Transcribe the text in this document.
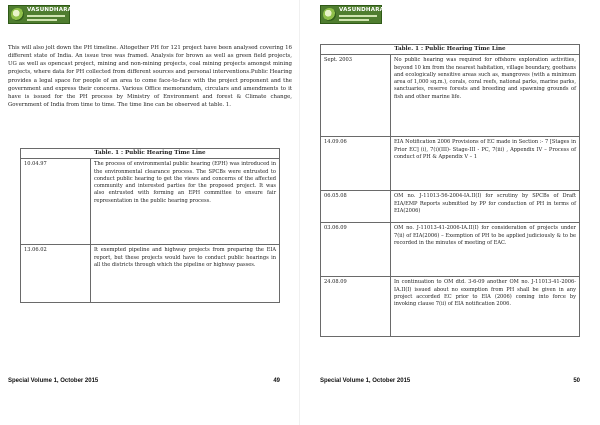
VASUNDHARA

This will also jolt down the PH timeline. Altogether PH for 121 project have been analysed covering 16 different state of India. An issue tree was framed. Analysis for brown as well as green field projects, UG as well as opencast project, mining and non-mining projects, coal mining projects amongst mining projects, where data for PH collected from different sources and personal interventions.Public Hearing provides a legal space for people of an area to come face-to-face with the project proponent and the government and express their concerns. Various Office memorandum, circulars and amendments to it have is issued for the PH process by Ministry of Environment and forest & Climate change, Government of India from time to time. The time line can be observed at table. 1.

Table. 1 : Public Hearing Time Line
10.04.97	The process of environmental public hearing (EPH) was introduced in the environmental clearance process. The SPCBs were entrusted to conduct public hearing to get the views and concerns of the affected community and interested parties for the proposed project. It was also entrusted with forming an EPH committee to ensure fair representation in the public hearing process.
13.06.02	It exempted pipeline and highway projects from preparing the EIA report, but these projects would have to conduct public hearings in all the districts through which the pipeline or highway passes.
Special Volume 1, October 2015	49
VASUNDHARA
Table. 1 : Public Hearing Time Line
Sept. 2003	No public hearing was required for offshore exploration activities, beyond 10 km from the nearest habitation, village boundary, goothans and ecologically sensitive areas such as, mangroves (with a minimum area of 1,000 sq.m.), corals, coral reefs, national parks, marine parks, sanctuaries, reserve forests and breeding and spawning grounds of fish and other marine life.
14.09.06	EIA Notification 2006 Provisions of EC made in Section :- 7 [Stages in Prior EC] (i), 7(i)(III)- Stage-III - PC, 7(iii) , Appendix IV – Process of conduct of PH & Appendix V – 1
06.05.08	OM no. J-11013-56-2004-IA.II(I) for scrutiny by SPCBs of Draft EIA/EMP Reports submitted by PP for conduction of PH in terms of EIA(2006)
03.06.09	OM no. J-11013-41-2006-IA.II(I) for consideration of projects under 7(ii) of EIA(2006) – Exemption of PH to be applied judiciously & to be recorded in the minutes of meeting of EAC.
24.08.09	In continuation to OM dtd. 3-6-09 another OM no. J-11013-41-2006-IA.II(I) issued about no exemption from PH shall be given in any project accorded EC prior to EIA (2006) coming into force by invoking clause 7(ii) of EIA notification 2006.
Special Volume 1, October 2015	50
